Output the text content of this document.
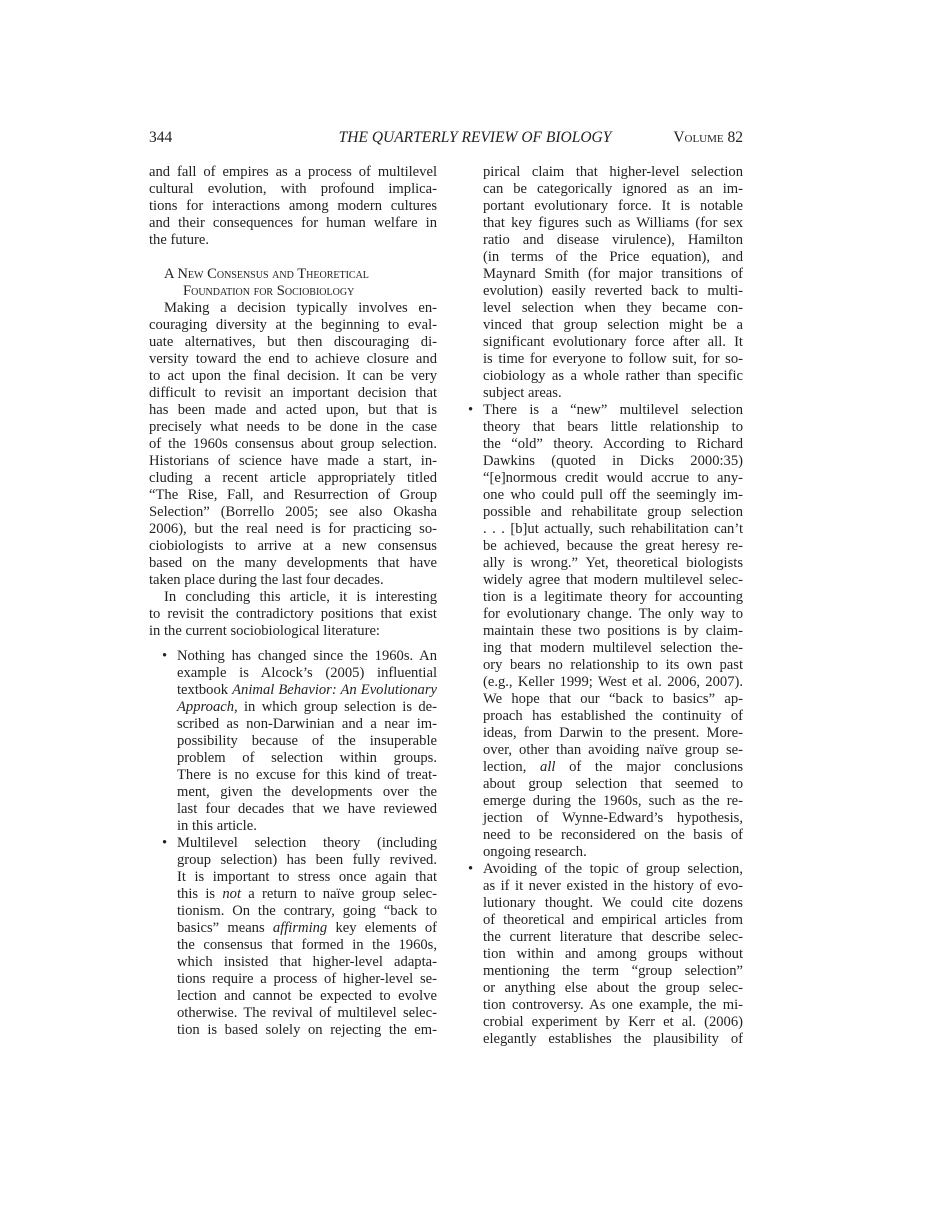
344	THE QUARTERLY REVIEW OF BIOLOGY	Volume 82
and fall of empires as a process of multilevel
cultural evolution, with profound implica-
tions for interactions among modern cultures
and their consequences for human welfare in
the future.
A New Consensus and Theoretical
Foundation for Sociobiology
Making a decision typically involves en-
couraging diversity at the beginning to eval-
uate alternatives, but then discouraging di-
versity toward the end to achieve closure and
to act upon the final decision. It can be very
difficult to revisit an important decision that
has been made and acted upon, but that is
precisely what needs to be done in the case
of the 1960s consensus about group selection.
Historians of science have made a start, in-
cluding a recent article appropriately titled
“The Rise, Fall, and Resurrection of Group
Selection” (Borrello 2005; see also Okasha
2006), but the real need is for practicing so-
ciobiologists to arrive at a new consensus
based on the many developments that have
taken place during the last four decades.
In concluding this article, it is interesting
to revisit the contradictory positions that exist
in the current sociobiological literature:
• Nothing has changed since the 1960s. An
example is Alcock’s (2005) influential
textbook Animal Behavior: An Evolutionary
Approach, in which group selection is de-
scribed as non-Darwinian and a near im-
possibility because of the insuperable
problem of selection within groups.
There is no excuse for this kind of treat-
ment, given the developments over the
last four decades that we have reviewed
in this article.
• Multilevel selection theory (including
group selection) has been fully revived.
It is important to stress once again that
this is not a return to naïve group selec-
tionism. On the contrary, going “back to
basics” means affirming key elements of
the consensus that formed in the 1960s,
which insisted that higher-level adapta-
tions require a process of higher-level se-
lection and cannot be expected to evolve
otherwise. The revival of multilevel selec-
tion is based solely on rejecting the em-
pirical claim that higher-level selection
can be categorically ignored as an im-
portant evolutionary force. It is notable
that key figures such as Williams (for sex
ratio and disease virulence), Hamilton
(in terms of the Price equation), and
Maynard Smith (for major transitions of
evolution) easily reverted back to multi-
level selection when they became con-
vinced that group selection might be a
significant evolutionary force after all. It
is time for everyone to follow suit, for so-
ciobiology as a whole rather than specific
subject areas.
• There is a “new” multilevel selection
theory that bears little relationship to
the “old” theory. According to Richard
Dawkins (quoted in Dicks 2000:35)
“[e]normous credit would accrue to any-
one who could pull off the seemingly im-
possible and rehabilitate group selection
. . . [b]ut actually, such rehabilitation can’t
be achieved, because the great heresy re-
ally is wrong.” Yet, theoretical biologists
widely agree that modern multilevel selec-
tion is a legitimate theory for accounting
for evolutionary change. The only way to
maintain these two positions is by claim-
ing that modern multilevel selection the-
ory bears no relationship to its own past
(e.g., Keller 1999; West et al. 2006, 2007).
We hope that our “back to basics” ap-
proach has established the continuity of
ideas, from Darwin to the present. More-
over, other than avoiding naïve group se-
lection, all of the major conclusions
about group selection that seemed to
emerge during the 1960s, such as the re-
jection of Wynne-Edward’s hypothesis,
need to be reconsidered on the basis of
ongoing research.
• Avoiding of the topic of group selection,
as if it never existed in the history of evo-
lutionary thought. We could cite dozens
of theoretical and empirical articles from
the current literature that describe selec-
tion within and among groups without
mentioning the term “group selection”
or anything else about the group selec-
tion controversy. As one example, the mi-
crobial experiment by Kerr et al. (2006)
elegantly establishes the plausibility of
